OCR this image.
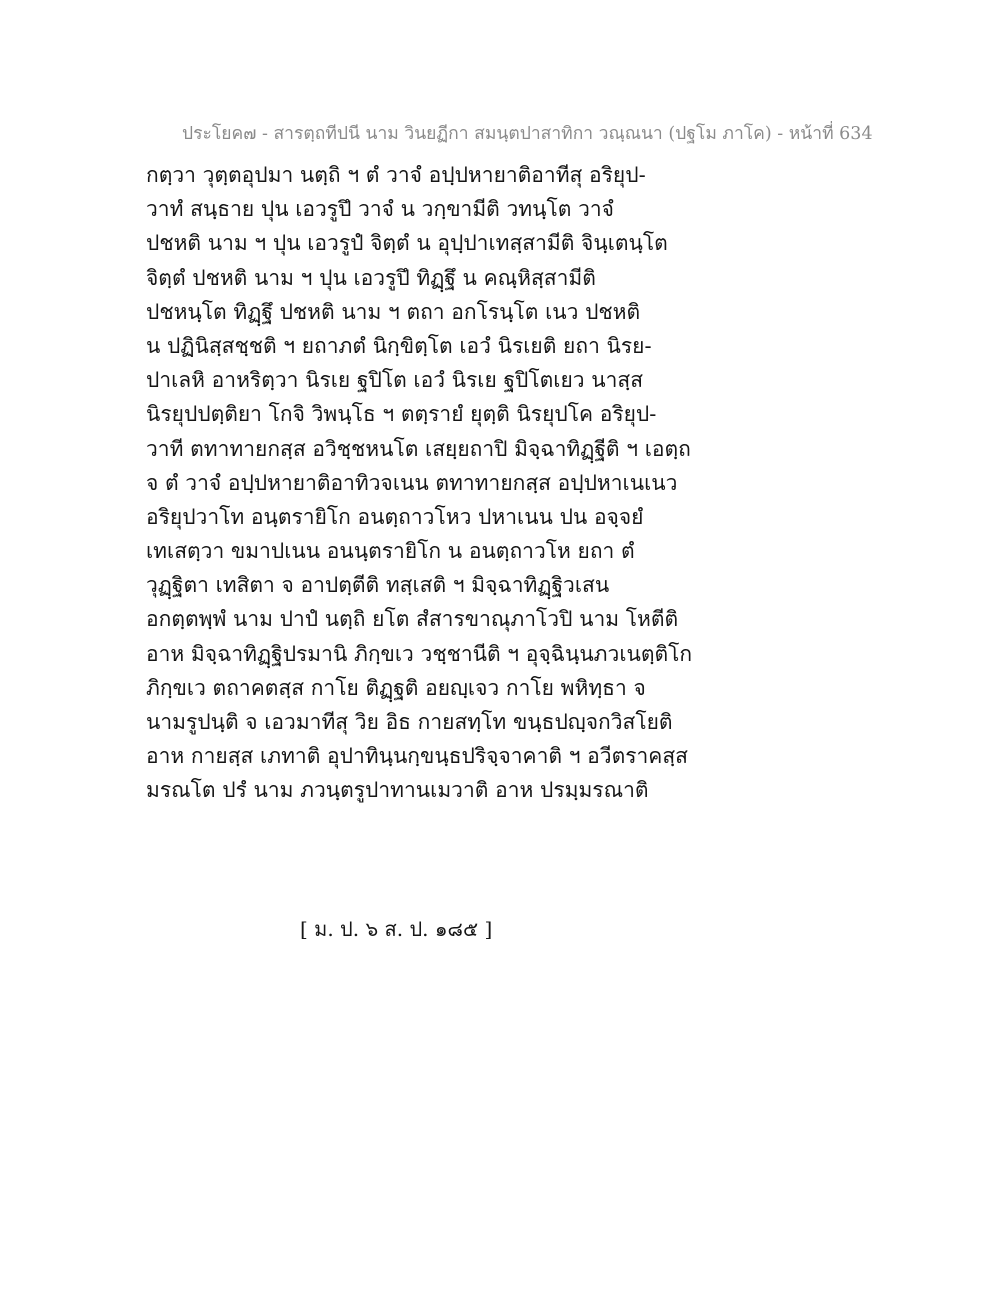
ประโยค๗ - สารตฺถทีปนี นาม วินยฏีกา สมนฺตปาสาทิกา วณฺณนา (ปฐโม ภาโค) - หน้าที่ 634
กตฺวา วุตฺตอุปมา นตฺถิ ฯ ตํ วาจํ อปฺปหายาติอาทีสุ อริยุป-
วาทํ สนฺธาย ปุน เอวรูปึ วาจํ น วกฺขามีติ วทนฺโต วาจํ
ปชหติ นาม ฯ ปุน เอวรูปํ จิตฺตํ น อุปฺปาเทสฺสามีติ จินฺเตนฺโต
จิตฺตํ ปชหติ นาม ฯ ปุน เอวรูปึ ทิฏฺฐึ น คณฺหิสฺสามีติ
ปชหนฺโต ทิฏฺฐึ ปชหติ นาม ฯ ตถา อกโรนฺโต เนว ปชหติ
น ปฏินิสฺสชฺชติ ฯ ยถาภตํ นิกฺขิตฺโต เอวํ นิรเยติ ยถา นิรย-
ปาเลหิ อาหริตฺวา นิรเย ฐปิโต เอวํ นิรเย ฐปิโตเยว นาสฺส
นิรยุปปตฺติยา โกจิ วิพนฺโธ ฯ ตตฺรายํ ยุตฺติ นิรยุปโค อริยุป-
วาที ตทาทายกสฺส อวิชฺชหนโต เสยฺยถาปิ มิจฺฉาทิฏฺฐีติ ฯ เอตฺถ
จ ตํ วาจํ อปฺปหายาติอาทิวจเนน ตทาทายกสฺส อปฺปหาเนเนว
อริยุปวาโท อนฺตรายิโก อนตฺถาวโหว ปหาเนน ปน อจฺจยํ
เทเสตฺวา ขมาปเนน อนนฺตรายิโก น อนตฺถาวโห ยถา ตํ
วุฏฺฐิตา เทสิตา จ อาปตฺตีติ ทสฺเสติ ฯ มิจฺฉาทิฏฺฐิวเสน
อกตฺตพฺพํ นาม ปาปํ นตฺถิ ยโต สํสารขาณุภาโวปิ นาม โหตีติ
อาห มิจฺฉาทิฏฺฐิปรมานิ ภิกฺขเว วชฺชานีติ ฯ อุจฺฉินฺนภวเนตฺติโก
ภิกฺขเว ตถาคตสฺส กาโย ติฏฺฐติ อยญฺเจว กาโย พหิทฺธา จ
นามรูปนฺติ จ เอวมาทีสุ วิย อิธ กายสทฺโท ขนฺธปญฺจกวิสโยติ
อาห กายสฺส เภทาติ อุปาทินฺนกฺขนฺธปริจฺจาคาติ ฯ อวีตราคสฺส
มรณโต ปรํ นาม ภวนฺตรูปาทานเมวาติ อาห ปรมฺมรณาติ
[ ม. ป. ๖ ส. ป. ๑๘๕ ]
